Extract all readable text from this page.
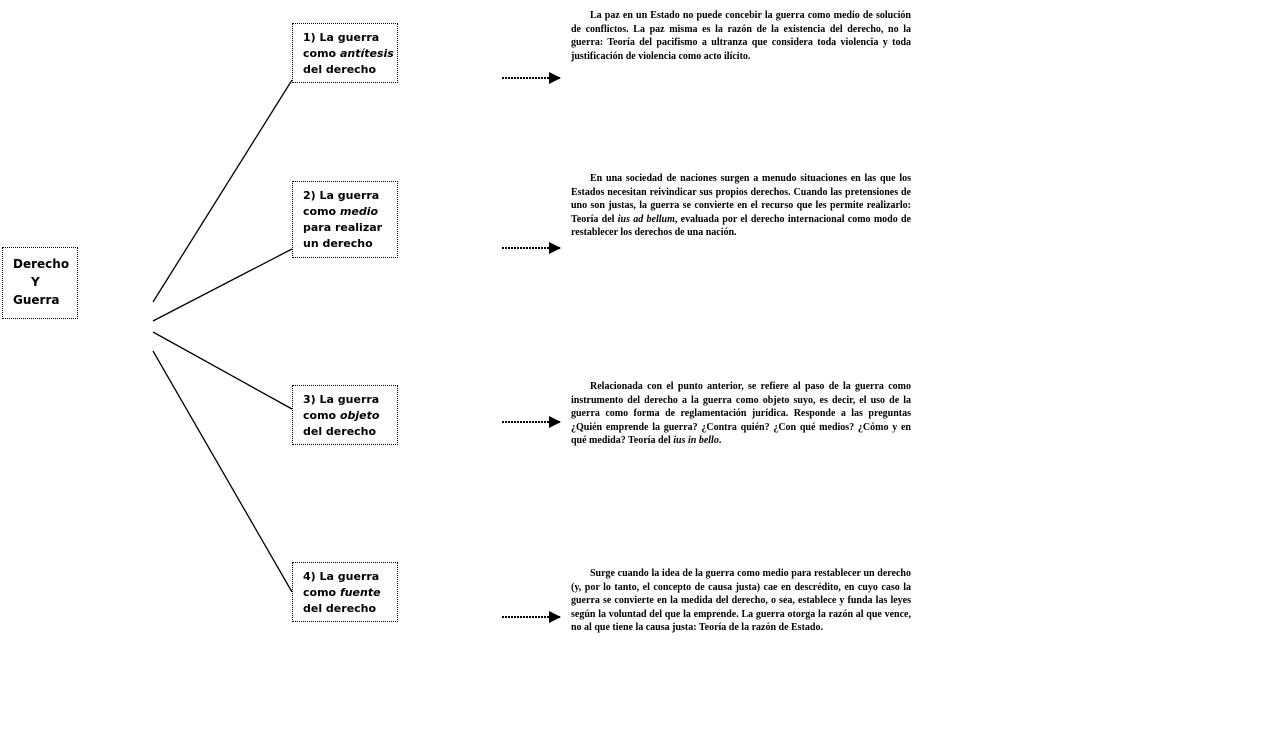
Derecho
Y
Guerra
1) La guerra
como antítesis
del derecho
2) La guerra
como medio
para realizar
un derecho
3) La guerra
como objeto
del derecho
4) La guerra
como fuente
del derecho

La paz en un Estado no puede concebir la guerra como medio de solución de conflictos. La paz misma es la razón de la existencia del derecho, no la guerra: Teoría del pacifismo a ultranza que considera toda violencia y toda justificación de violencia como acto ilícito.

En una sociedad de naciones surgen a menudo situaciones en las que los Estados necesitan reivindicar sus propios derechos. Cuando las pretensiones de uno son justas, la guerra se convierte en el recurso que les permite realizarlo: Teoría del ius ad bellum, evaluada por el derecho internacional como modo de restablecer los derechos de una nación.

Relacionada con el punto anterior, se refiere al paso de la guerra como instrumento del derecho a la guerra como objeto suyo, es decir, el uso de la guerra como forma de reglamentación jurídica. Responde a las preguntas ¿Quién emprende la guerra? ¿Contra quién? ¿Con qué medios? ¿Cómo y en qué medida? Teoría del ius in bello.

Surge cuando la idea de la guerra como medio para restablecer un derecho (y, por lo tanto, el concepto de causa justa) cae en descrédito, en cuyo caso la guerra se convierte en la medida del derecho, o sea, establece y funda las leyes según la voluntad del que la emprende. La guerra otorga la razón al que vence, no al que tiene la causa justa: Teoría de la razón de Estado.
